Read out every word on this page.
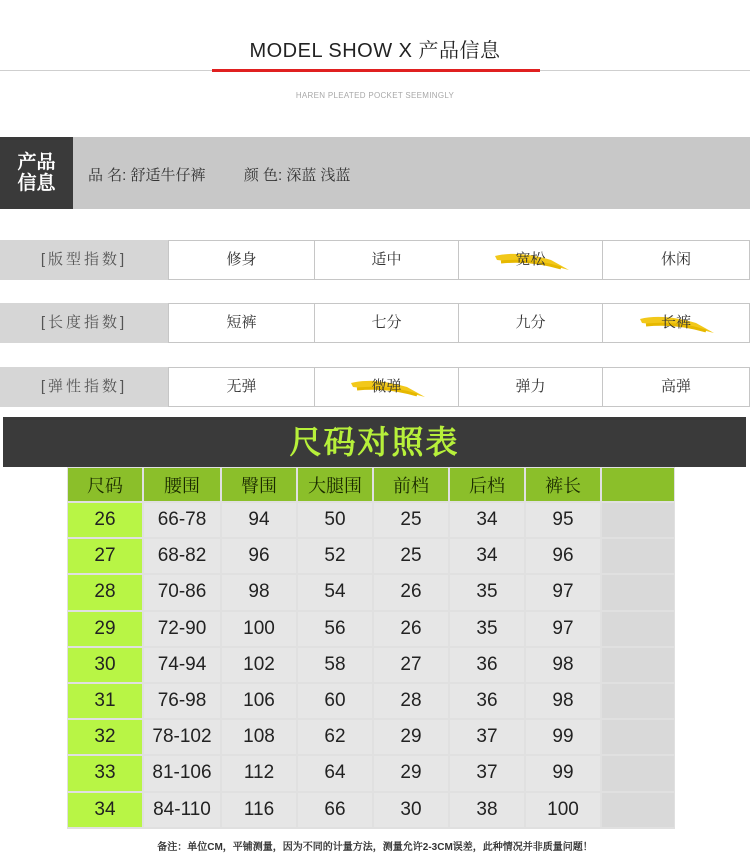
MODEL SHOW X 产品信息
HAREN PLEATED POCKET SEEMINGLY
产品
信息 品 名: 舒适牛仔裤	颜 色: 深蓝 浅蓝
[版型指数]	修身	适中	宽松	休闲
[长度指数]	短裤	七分	九分	长裤
[弹性指数]	无弹	微弹	弹力	高弹
尺码对照表
尺码	腰围	臀围	大腿围	前档	后档	裤长
26	66-78	94	50	25	34	95
27	68-82	96	52	25	34	96
28	70-86	98	54	26	35	97
29	72-90	100	56	26	35	97
30	74-94	102	58	27	36	98
31	76-98	106	60	28	36	98
32	78-102	108	62	29	37	99
33	81-106	112	64	29	37	99
34	84-110	116	66	30	38	100
备注：单位CM，平铺测量，因为不同的计量方法，测量允许2-3CM误差，此种情况并非质量问题！
